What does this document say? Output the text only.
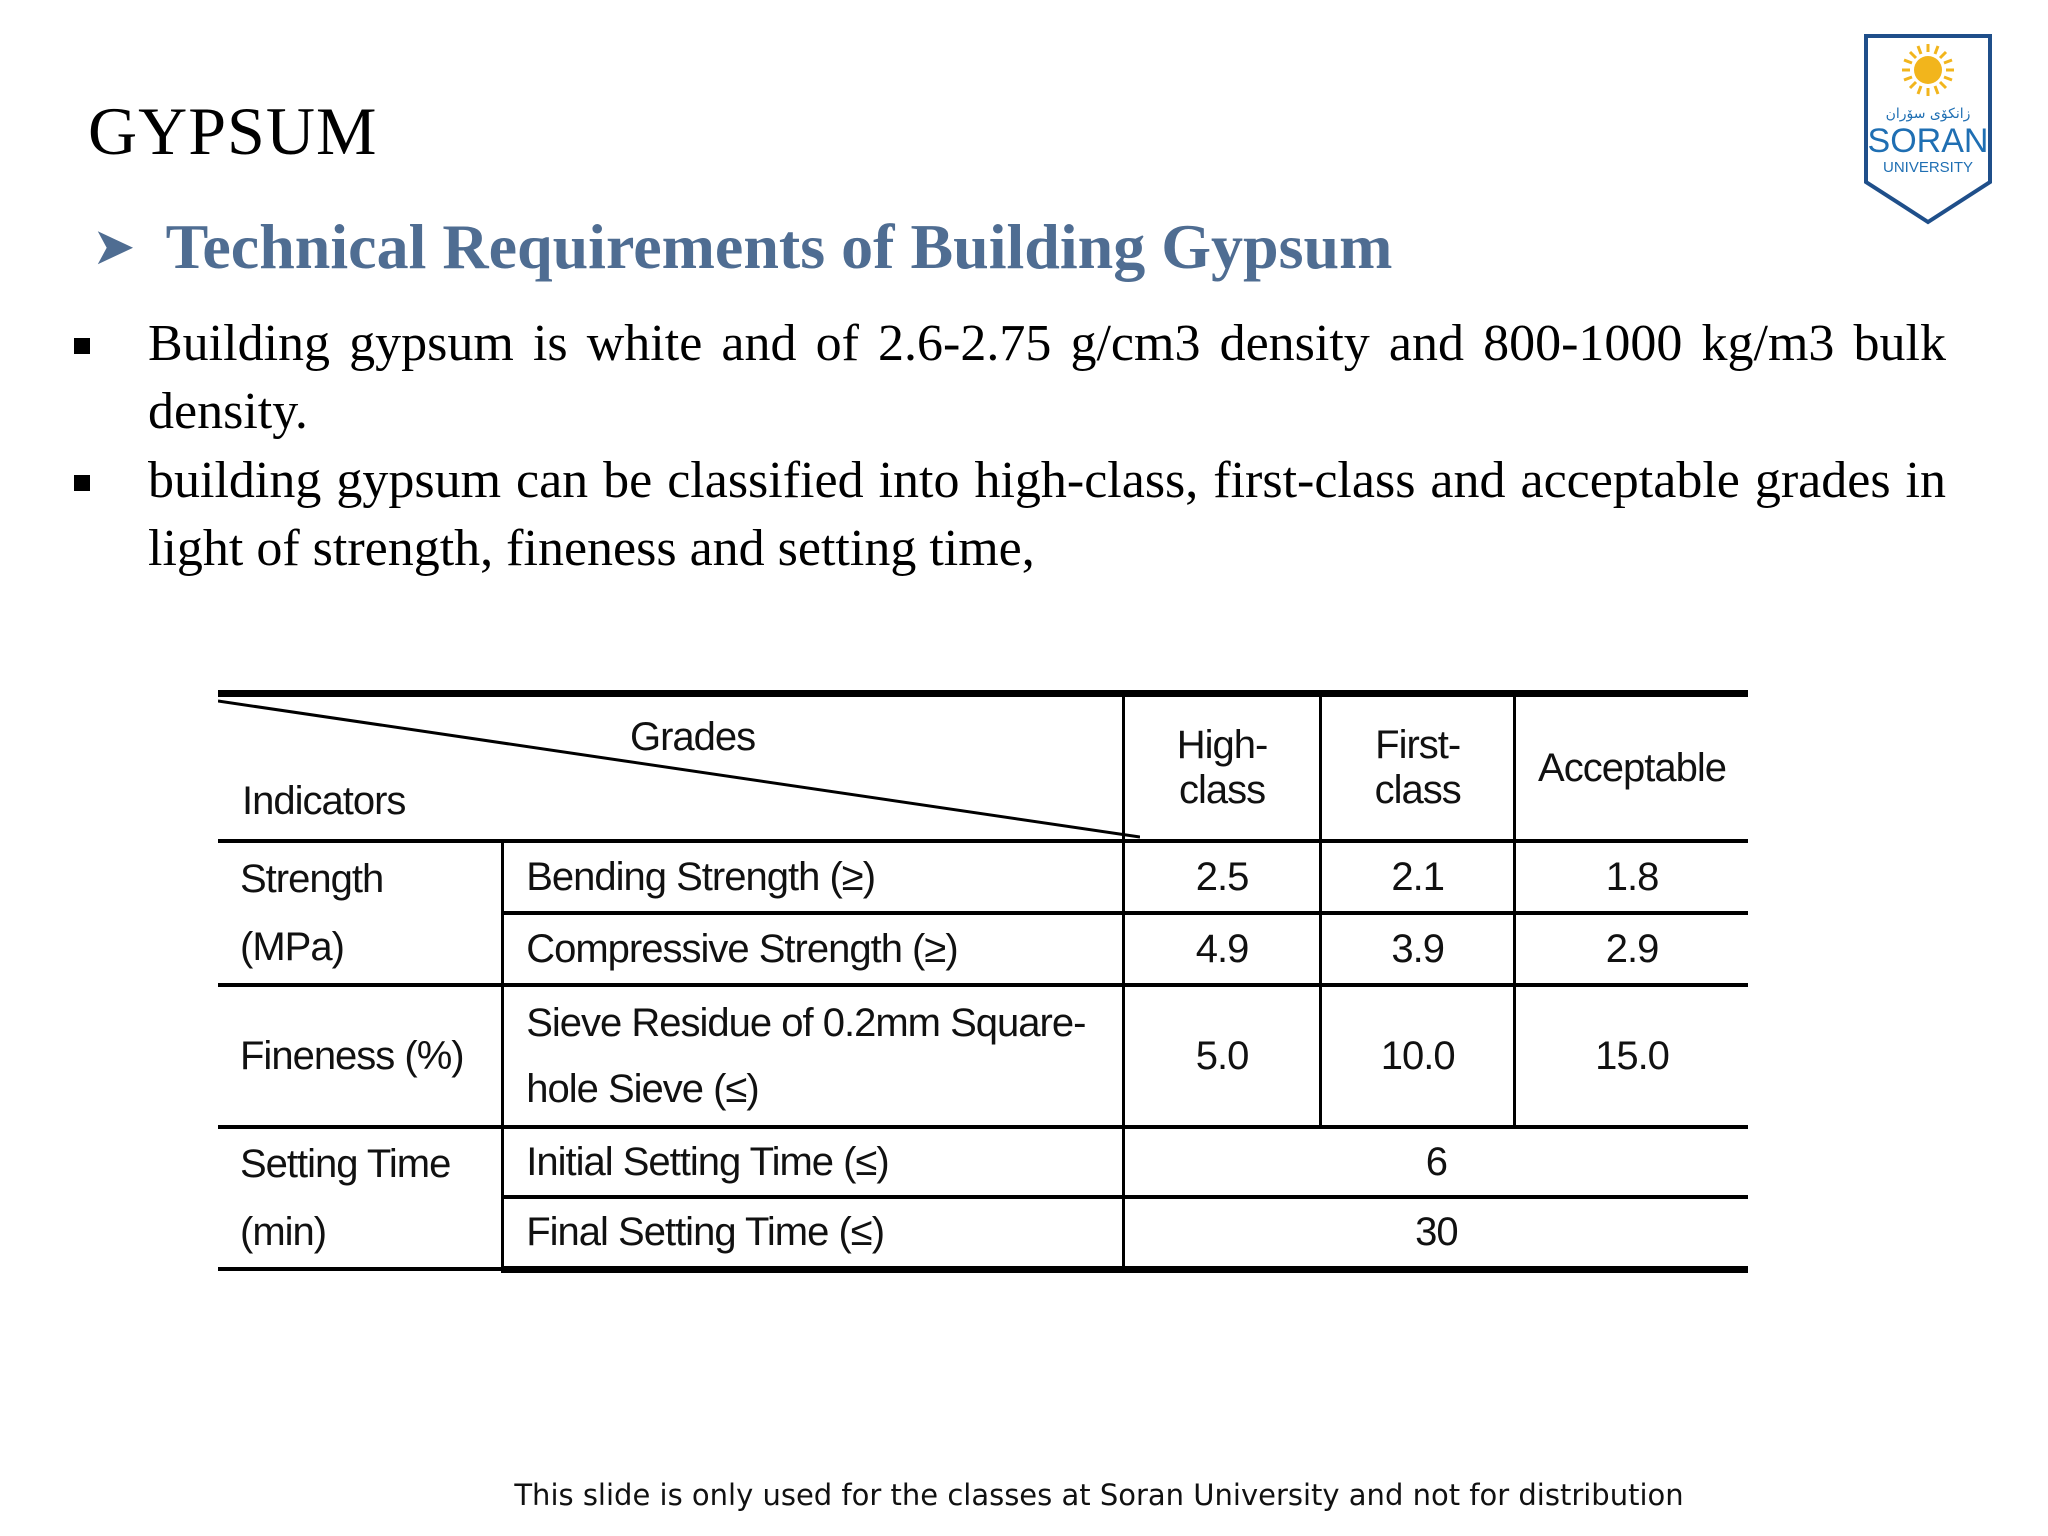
GYPSUM	زانكۆی سۆران
SORAN
UNIVERSITY
➤ Technical Requirements of Building Gypsum
Building gypsum is white and of 2.6-2.75 g/cm3 density and 800-1000 kg/m3 bulk density.
building gypsum can be classified into high-class, first-class and acceptable grades in light of strength, fineness and setting time,
Grades
Indicators		High-class	First-class	Acceptable
Strength (MPa)	Bending Strength (≥)	2.5	2.1	1.8
	Compressive Strength (≥)	4.9	3.9	2.9
Fineness (%)	Sieve Residue of 0.2mm Square-hole Sieve (≤)	5.0	10.0	15.0
Setting Time (min)	Initial Setting Time (≤)	6		
	Final Setting Time (≤)	30		
This slide is only used for the classes at Soran University and not for distribution
